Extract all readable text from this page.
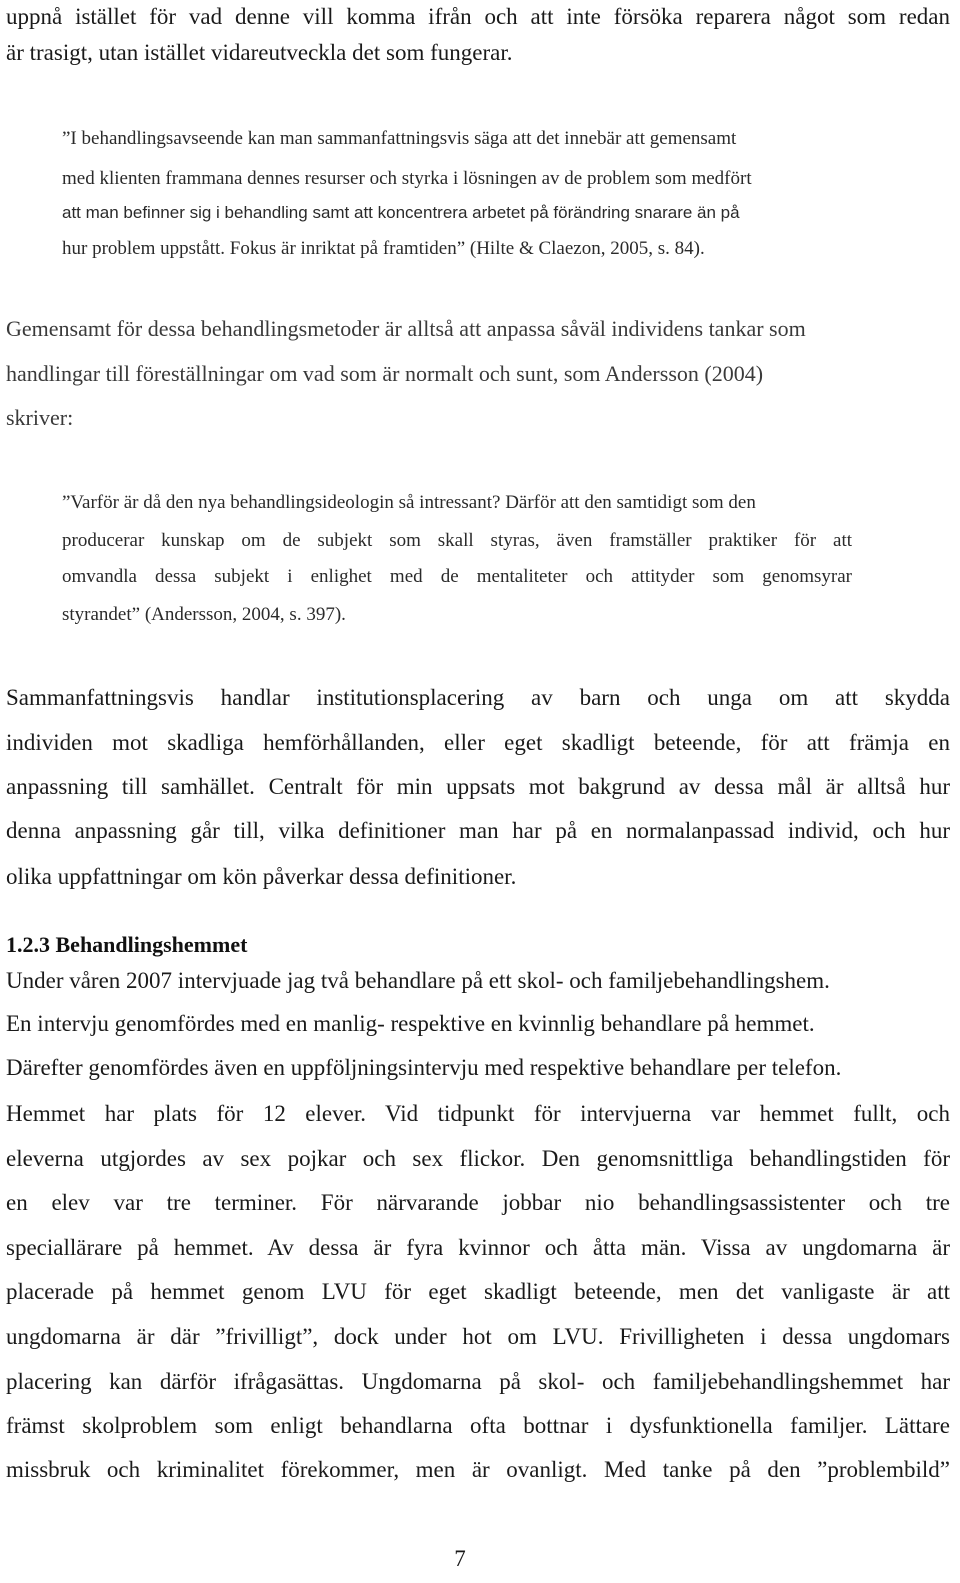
uppnå istället för vad denne vill komma ifrån och att inte försöka reparera något som redan

är trasigt, utan istället vidareutveckla det som fungerar.

”I behandlingsavseende kan man sammanfattningsvis säga att det innebär att gemensamt

med klienten frammana dennes resurser och styrka i lösningen av de problem som medfört

att man befinner sig i behandling samt att koncentrera arbetet på förändring snarare än på

hur problem uppstått. Fokus är inriktat på framtiden” (Hilte & Claezon, 2005, s. 84).

Gemensamt för dessa behandlingsmetoder är alltså att anpassa såväl individens tankar som

handlingar till föreställningar om vad som är normalt och sunt, som Andersson (2004)

skriver:

”Varför är då den nya behandlingsideologin så intressant? Därför att den samtidigt som den

producerar kunskap om de subjekt som skall styras, även framställer praktiker för att

omvandla dessa subjekt i enlighet med de mentaliteter och attityder som genomsyrar

styrandet” (Andersson, 2004, s. 397).

Sammanfattningsvis handlar institutionsplacering av barn och unga om att skydda

individen mot skadliga hemförhållanden, eller eget skadligt beteende, för att främja en

anpassning till samhället. Centralt för min uppsats mot bakgrund av dessa mål är alltså hur

denna anpassning går till, vilka definitioner man har på en normalanpassad individ, och hur

olika uppfattningar om kön påverkar dessa definitioner.

1.2.3 Behandlingshemmet

Under våren 2007 intervjuade jag två behandlare på ett skol- och familjebehandlingshem.

En intervju genomfördes med en manlig- respektive en kvinnlig behandlare på hemmet.

Därefter genomfördes även en uppföljningsintervju med respektive behandlare per telefon.

Hemmet har plats för 12 elever. Vid tidpunkt för intervjuerna var hemmet fullt, och

eleverna utgjordes av sex pojkar och sex flickor. Den genomsnittliga behandlingstiden för

en elev var tre terminer. För närvarande jobbar nio behandlingsassistenter och tre

speciallärare på hemmet. Av dessa är fyra kvinnor och åtta män. Vissa av ungdomarna är

placerade på hemmet genom LVU för eget skadligt beteende, men det vanligaste är att

ungdomarna är där ”frivilligt”, dock under hot om LVU. Frivilligheten i dessa ungdomars

placering kan därför ifrågasättas. Ungdomarna på skol- och familjebehandlingshemmet har

främst skolproblem som enligt behandlarna ofta bottnar i dysfunktionella familjer. Lättare

missbruk och kriminalitet förekommer, men är ovanligt. Med tanke på den ”problembild”

7
